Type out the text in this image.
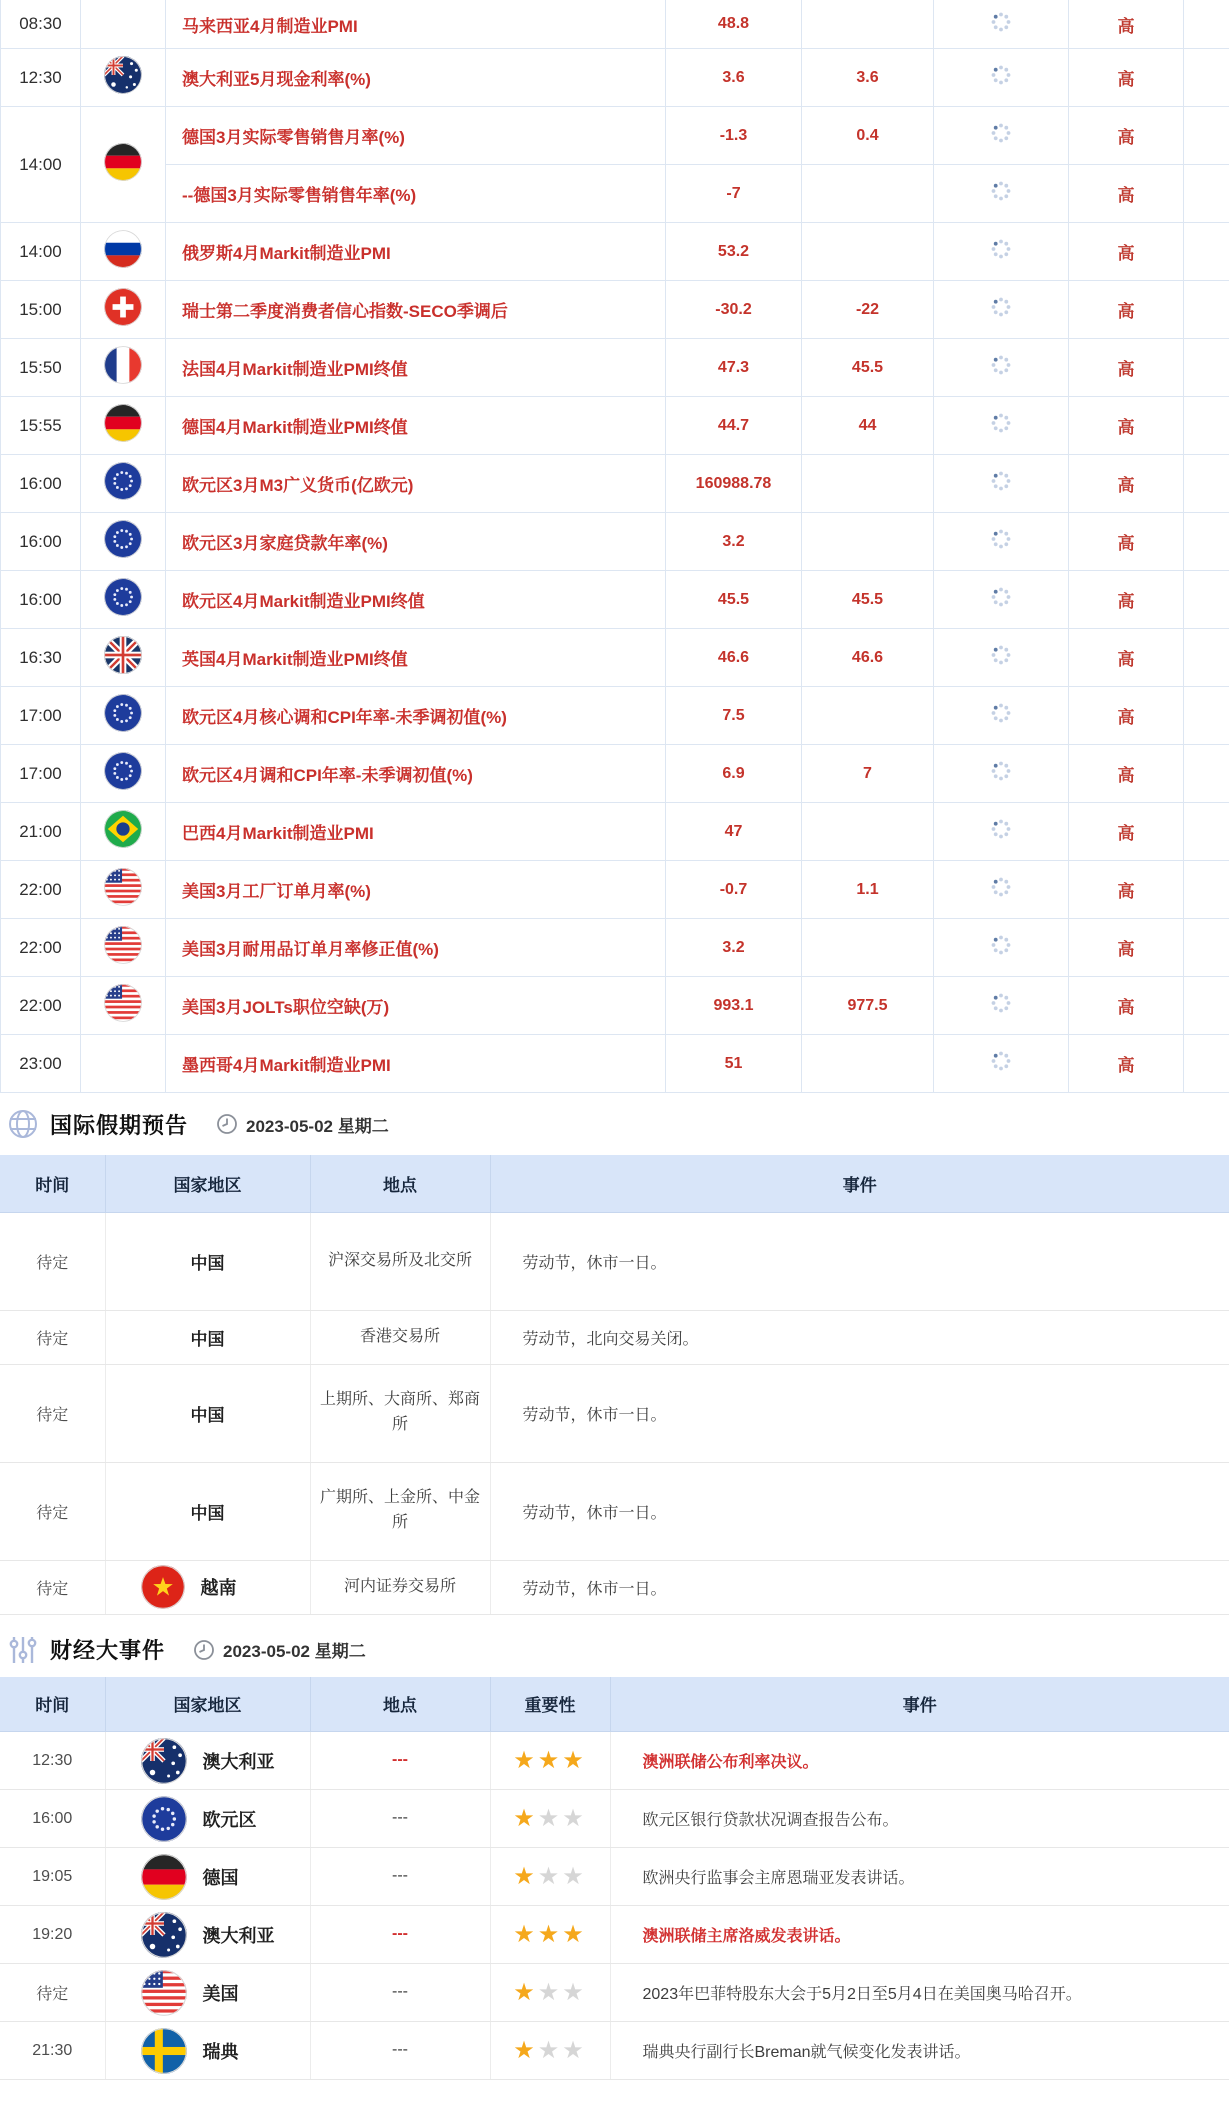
08:30		马来西亚4月制造业PMI	48.8			高	
12:30		澳大利亚5月现金利率(%)	3.6	3.6		高	
14:00		德国3月实际零售销售月率(%)	-1.3	0.4		高	
		--德国3月实际零售销售年率(%)	-7			高	
14:00		俄罗斯4月Markit制造业PMI	53.2			高	
15:00		瑞士第二季度消费者信心指数-SECO季调后	-30.2	-22		高	
15:50		法国4月Markit制造业PMI终值	47.3	45.5		高	
15:55		德国4月Markit制造业PMI终值	44.7	44		高	
16:00		欧元区3月M3广义货币(亿欧元)	160988.78			高	
16:00		欧元区3月家庭贷款年率(%)	3.2			高	
16:00		欧元区4月Markit制造业PMI终值	45.5	45.5		高	
16:30		英国4月Markit制造业PMI终值	46.6	46.6		高	
17:00		欧元区4月核心调和CPI年率-未季调初值(%)	7.5			高	
17:00		欧元区4月调和CPI年率-未季调初值(%)	6.9	7		高	
21:00		巴西4月Markit制造业PMI	47			高	
22:00		美国3月工厂订单月率(%)	-0.7	1.1		高	
22:00		美国3月耐用品订单月率修正值(%)	3.2			高	
22:00		美国3月JOLTs职位空缺(万)	993.1	977.5		高	
23:00		墨西哥4月Markit制造业PMI	51			高	
国际假期预告	2023-05-02 星期二
时间	国家地区	地点	事件
待定	中国	沪深交易所及北交所	劳动节，休市一日。
待定	中国	香港交易所	劳动节，北向交易关闭。
待定	中国	上期所、大商所、郑商所	劳动节，休市一日。
待定	中国	广期所、上金所、中金所	劳动节，休市一日。
待定	越南	河内证券交易所	劳动节，休市一日。
财经大事件	2023-05-02 星期二
时间	国家地区	地点	重要性	事件
12:30	澳大利亚	---	★★★	澳洲联储公布利率决议。
16:00	欧元区	---	★★★	欧元区银行贷款状况调查报告公布。
19:05	德国	---	★★★	欧洲央行监事会主席恩瑞亚发表讲话。
19:20	澳大利亚	---	★★★	澳洲联储主席洛威发表讲话。
待定	美国	---	★★★	2023年巴菲特股东大会于5月2日至5月4日在美国奥马哈召开。
21:30	瑞典	---	★★★	瑞典央行副行长Breman就气候变化发表讲话。
